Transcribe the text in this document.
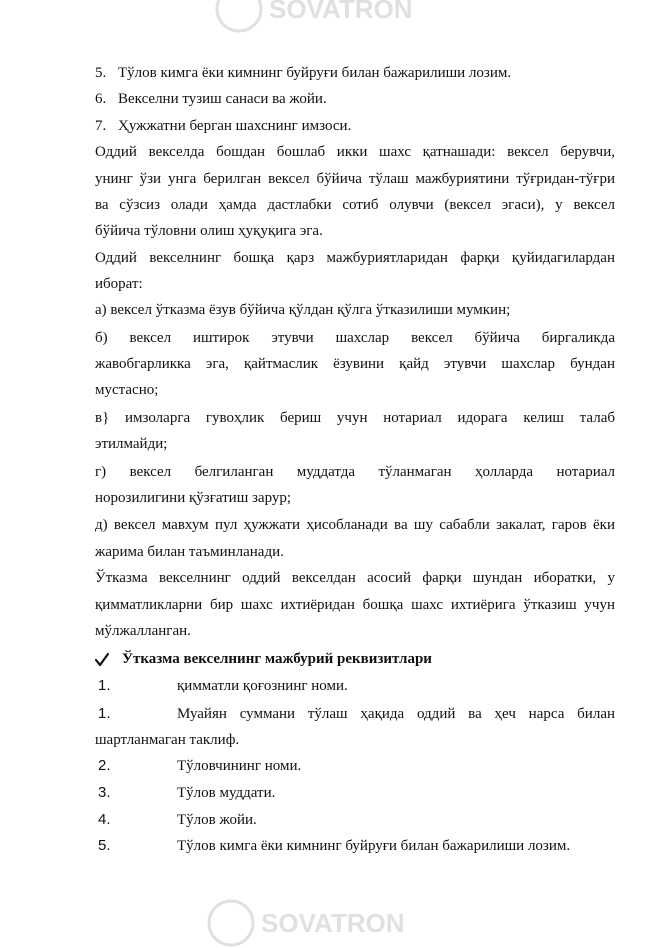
SOVATRON
SOVATRON
5. Тўлов кимга ёки кимнинг буйруғи билан бажарилиши лозим.
6. Векселни тузиш санаси ва жойи.
7. Ҳужжатни берган шахснинг имзоси.
Оддий векселда бошдан бошлаб икки шахс қатнашади: вексел берувчи,
унинг ўзи унга берилган вексел бўйича тўлаш мажбуриятини тўғридан-тўғри
ва сўзсиз олади ҳамда дастлабки сотиб олувчи (вексел эгаси), у вексел
бўйича тўловни олиш ҳуқуқига эга.
Оддий векселнинг бошқа қарз мажбуриятларидан фарқи қуйидагилардан
иборат:
а) вексел ўтказма ёзув бўйича қўлдан қўлга ўтказилиши мумкин;
б) вексел иштирок этувчи шахслар вексел бўйича биргаликда
жавобгарликка эга, қайтмаслик ёзувини қайд этувчи шахслар бундан
мустасно;
в} имзоларга гувоҳлик бериш учун нотариал идорага келиш талаб
этилмайди;
г) вексел белгиланган муддатда тўланмаган ҳолларда нотариал
норозилигини қўзғатиш зарур;
д) вексел мавхум пул ҳужжати ҳисобланади ва шу сабабли закалат, гаров ёки
жарима билан таъминланади.
Ўтказма векселнинг оддий векселдан асосий фарқи шундан иборатки, у
қимматликларни бир шахс ихтиёридан бошқа шахс ихтиёрига ўтказиш учун
мўлжалланган.
Ўтказма векселнинг мажбурий реквизитлари
1.	қимматли қоғознинг номи.
1.	Муайян суммани тўлаш ҳақида оддий ва ҳеч нарса билан
шартланмаган таклиф.
2.	Тўловчининг номи.
3.	Тўлов муддати.
4.	Тўлов жойи.
5.	Тўлов кимга ёки кимнинг буйруғи билан бажарилиши лозим.
